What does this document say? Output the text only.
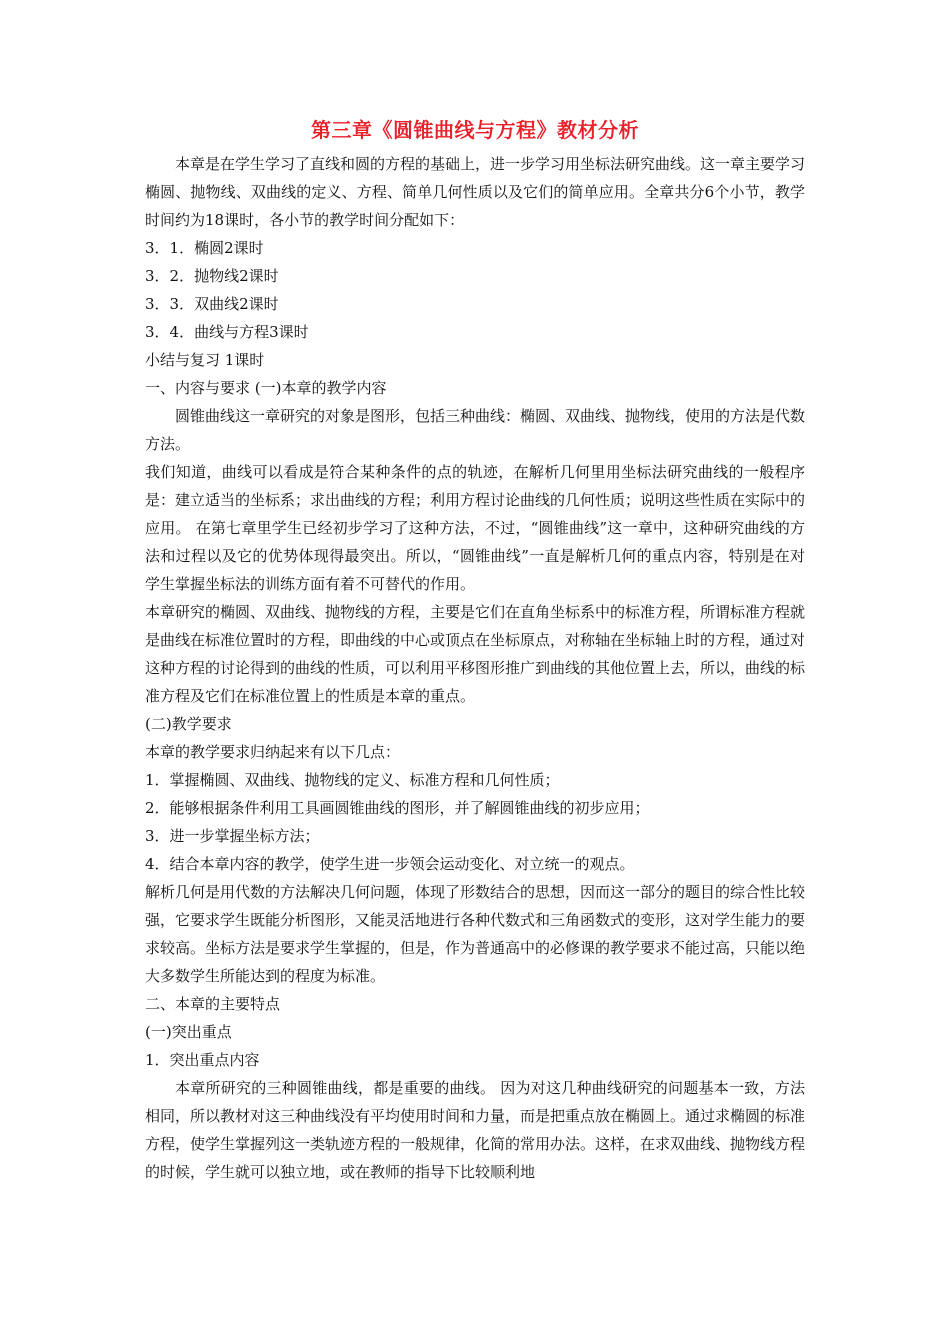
第三章《圆锥曲线与方程》教材分析

本章是在学生学习了直线和圆的方程的基础上，进一步学习用坐标法研究曲线。这一章主要学习椭圆、抛物线、双曲线的定义、方程、简单几何性质以及它们的简单应用。全章共分6个小节，教学时间约为18课时，各小节的教学时间分配如下：

3．1．椭圆2课时

3．2．抛物线2课时

3．3．双曲线2课时

3．4．曲线与方程3课时

小结与复习 1课时

一、内容与要求 (一)本章的教学内容

圆锥曲线这一章研究的对象是图形，包括三种曲线：椭圆、双曲线、抛物线，使用的方法是代数方法。

我们知道，曲线可以看成是符合某种条件的点的轨迹，在解析几何里用坐标法研究曲线的一般程序是：建立适当的坐标系；求出曲线的方程；利用方程讨论曲线的几何性质；说明这些性质在实际中的应用。 在第七章里学生已经初步学习了这种方法，不过，“圆锥曲线”这一章中，这种研究曲线的方法和过程以及它的优势体现得最突出。所以，“圆锥曲线”一直是解析几何的重点内容，特别是在对学生掌握坐标法的训练方面有着不可替代的作用。

本章研究的椭圆、双曲线、抛物线的方程，主要是它们在直角坐标系中的标准方程，所谓标准方程就是曲线在标准位置时的方程，即曲线的中心或顶点在坐标原点，对称轴在坐标轴上时的方程，通过对这种方程的讨论得到的曲线的性质，可以利用平移图形推广到曲线的其他位置上去，所以，曲线的标准方程及它们在标准位置上的性质是本章的重点。

(二)教学要求

本章的教学要求归纳起来有以下几点：

1．掌握椭圆、双曲线、抛物线的定义、标准方程和几何性质；

2．能够根据条件利用工具画圆锥曲线的图形，并了解圆锥曲线的初步应用；

3．进一步掌握坐标方法；

4．结合本章内容的教学，使学生进一步领会运动变化、对立统一的观点。

解析几何是用代数的方法解决几何问题，体现了形数结合的思想，因而这一部分的题目的综合性比较强，它要求学生既能分析图形，又能灵活地进行各种代数式和三角函数式的变形，这对学生能力的要求较高。坐标方法是要求学生掌握的，但是，作为普通高中的必修课的教学要求不能过高，只能以绝大多数学生所能达到的程度为标准。

二、本章的主要特点

(一)突出重点

1．突出重点内容

本章所研究的三种圆锥曲线，都是重要的曲线。 因为对这几种曲线研究的问题基本一致，方法相同，所以教材对这三种曲线没有平均使用时间和力量，而是把重点放在椭圆上。通过求椭圆的标准方程，使学生掌握列这一类轨迹方程的一般规律，化简的常用办法。这样，在求双曲线、抛物线方程的时候，学生就可以独立地，或在教师的指导下比较顺利地
